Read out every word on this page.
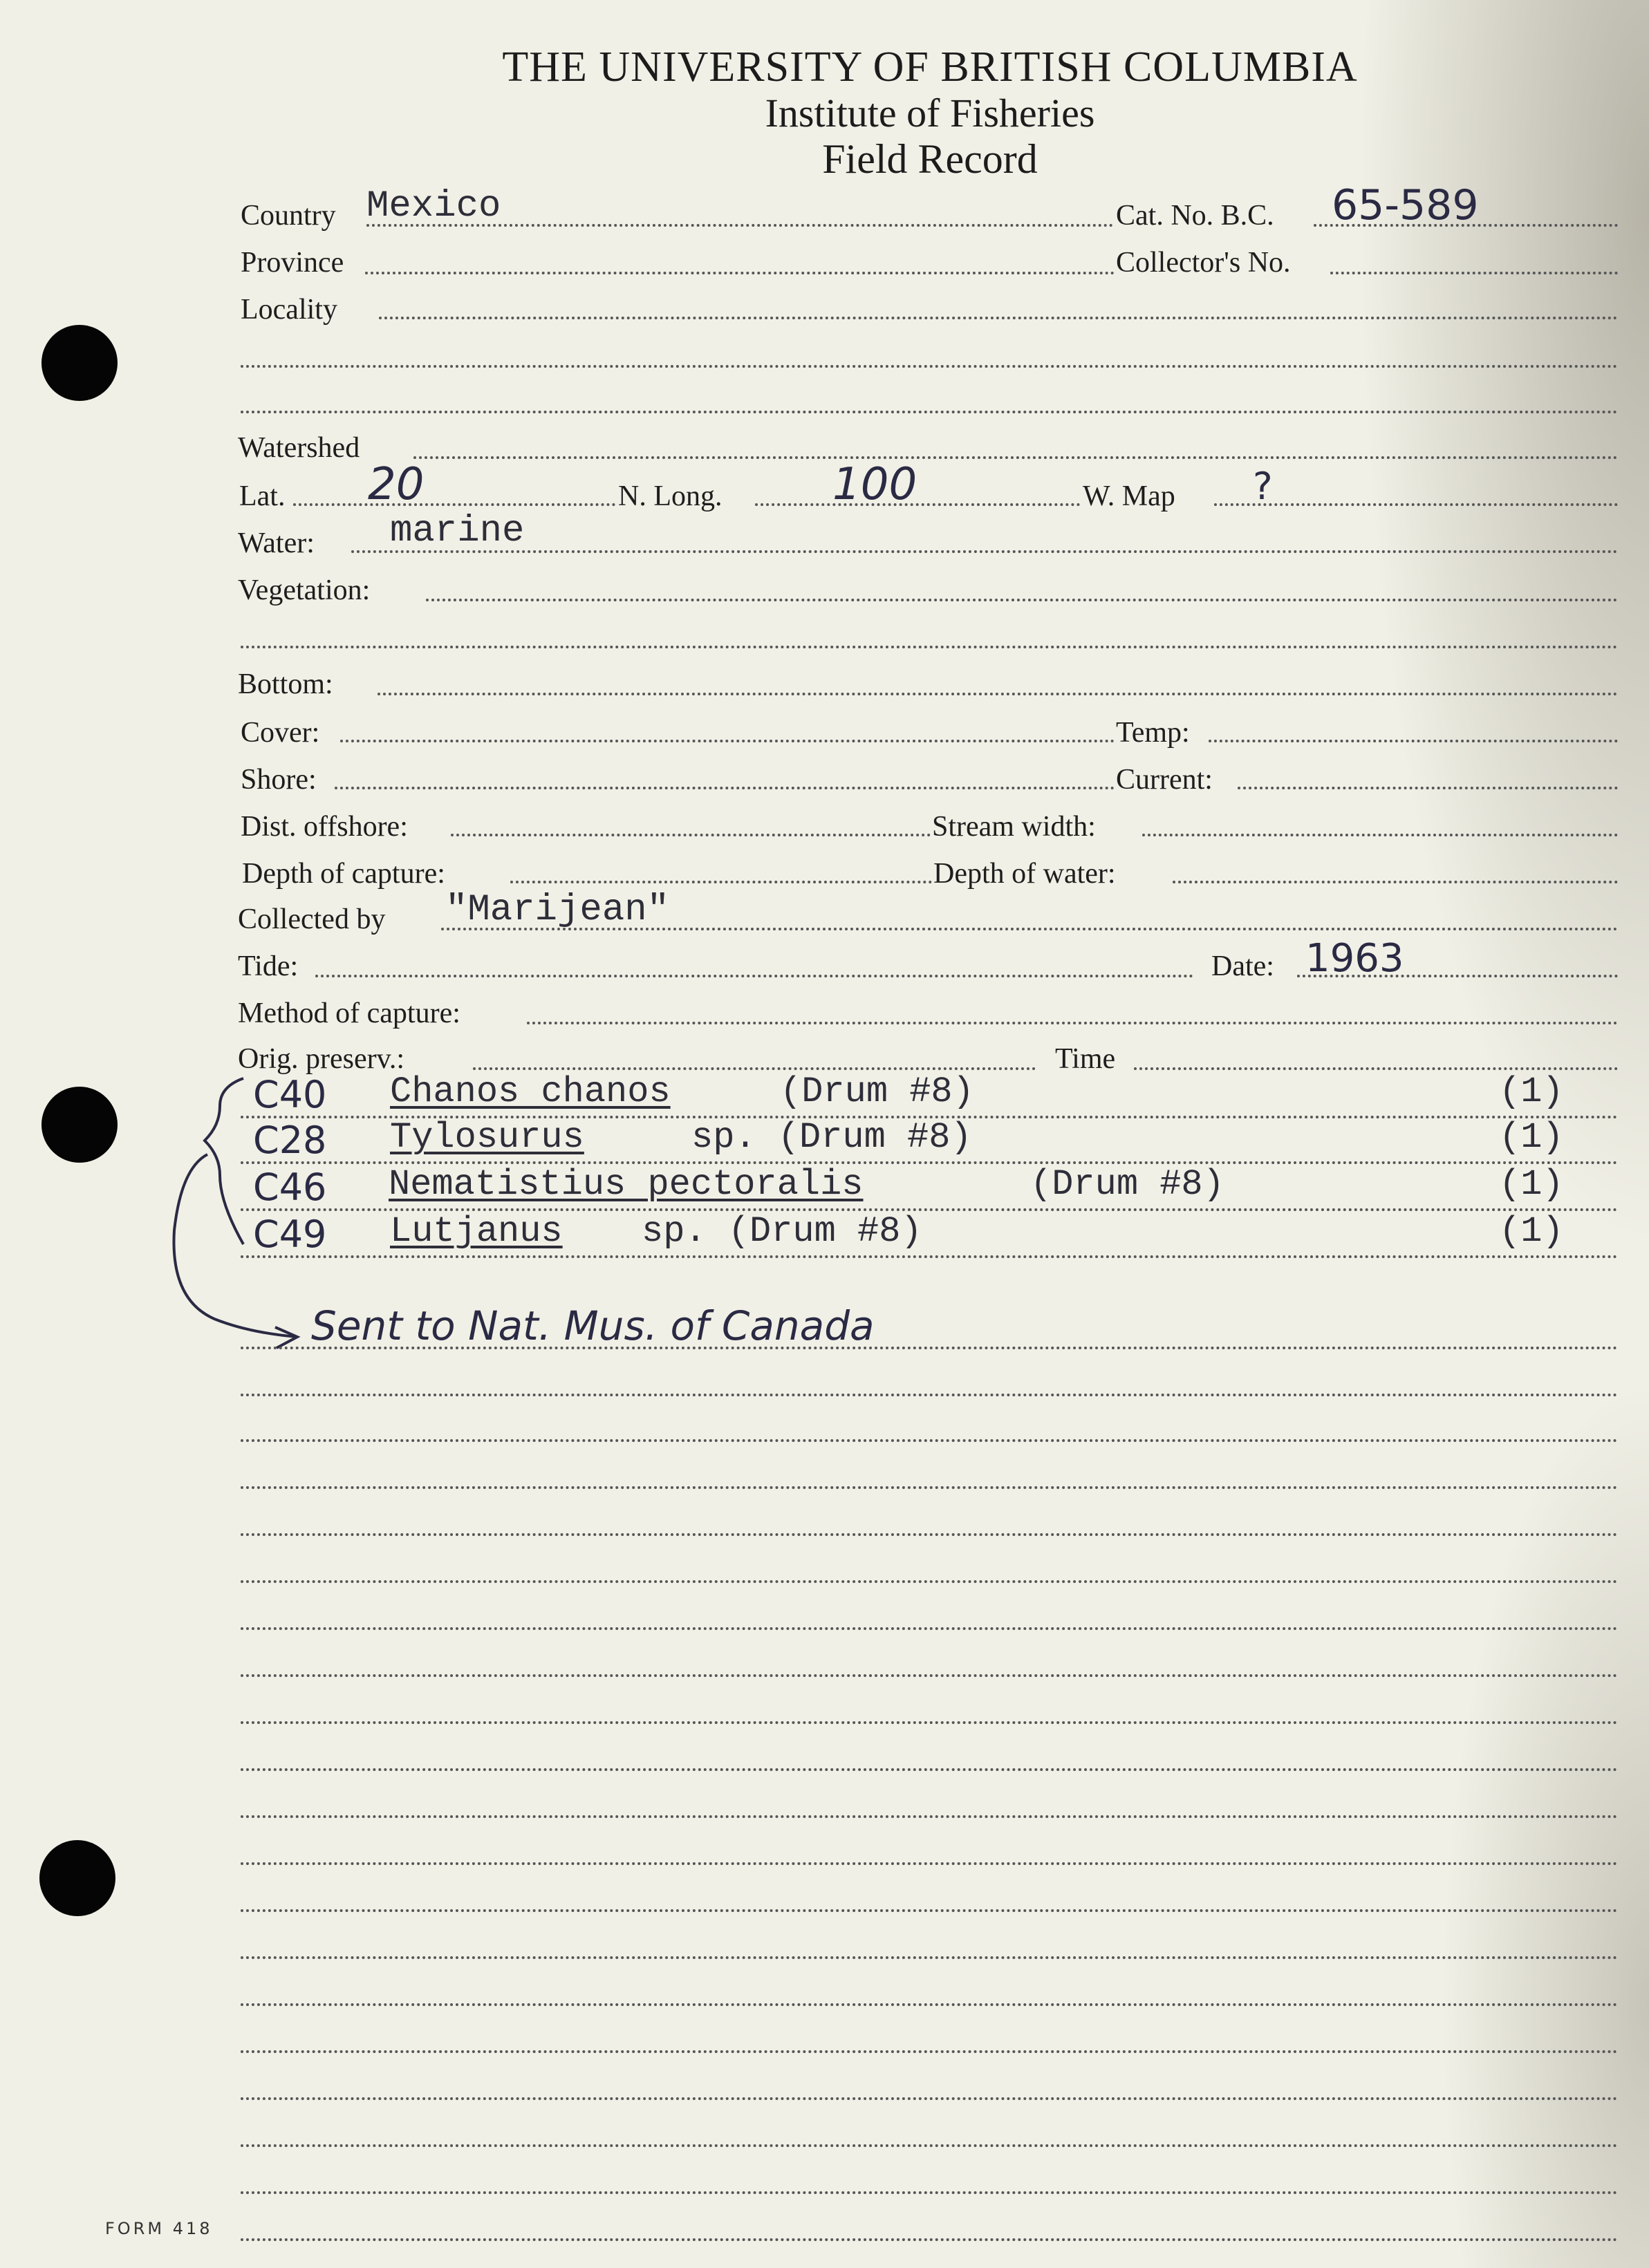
THE UNIVERSITY OF BRITISH COLUMBIA
Institute of Fisheries
Field Record
Country Mexico	Cat. No. B.C. 65-589
Province	Collector's No.
Locality
Watershed
Lat. 20	N. Long. 100	W. Map ?
Water: marine
Vegetation:
Bottom:
Cover:	Temp:
Shore:	Current:
Dist. offshore:	Stream width:
Depth of capture:	Depth of water:
Collected by "Marijean"
Tide:	Date: 1963
Method of capture:
Orig. preserv.:	Time
C40 Chanos chanos	(Drum #8)	(1)
C28 Tylosurus	sp. (Drum #8)	(1)
C46 Nematistius pectoralis	(Drum #8)	(1)
C49 Lutjanus sp. (Drum #8)	(1)
Sent to Nat. Mus. of Canada
FORM 418
